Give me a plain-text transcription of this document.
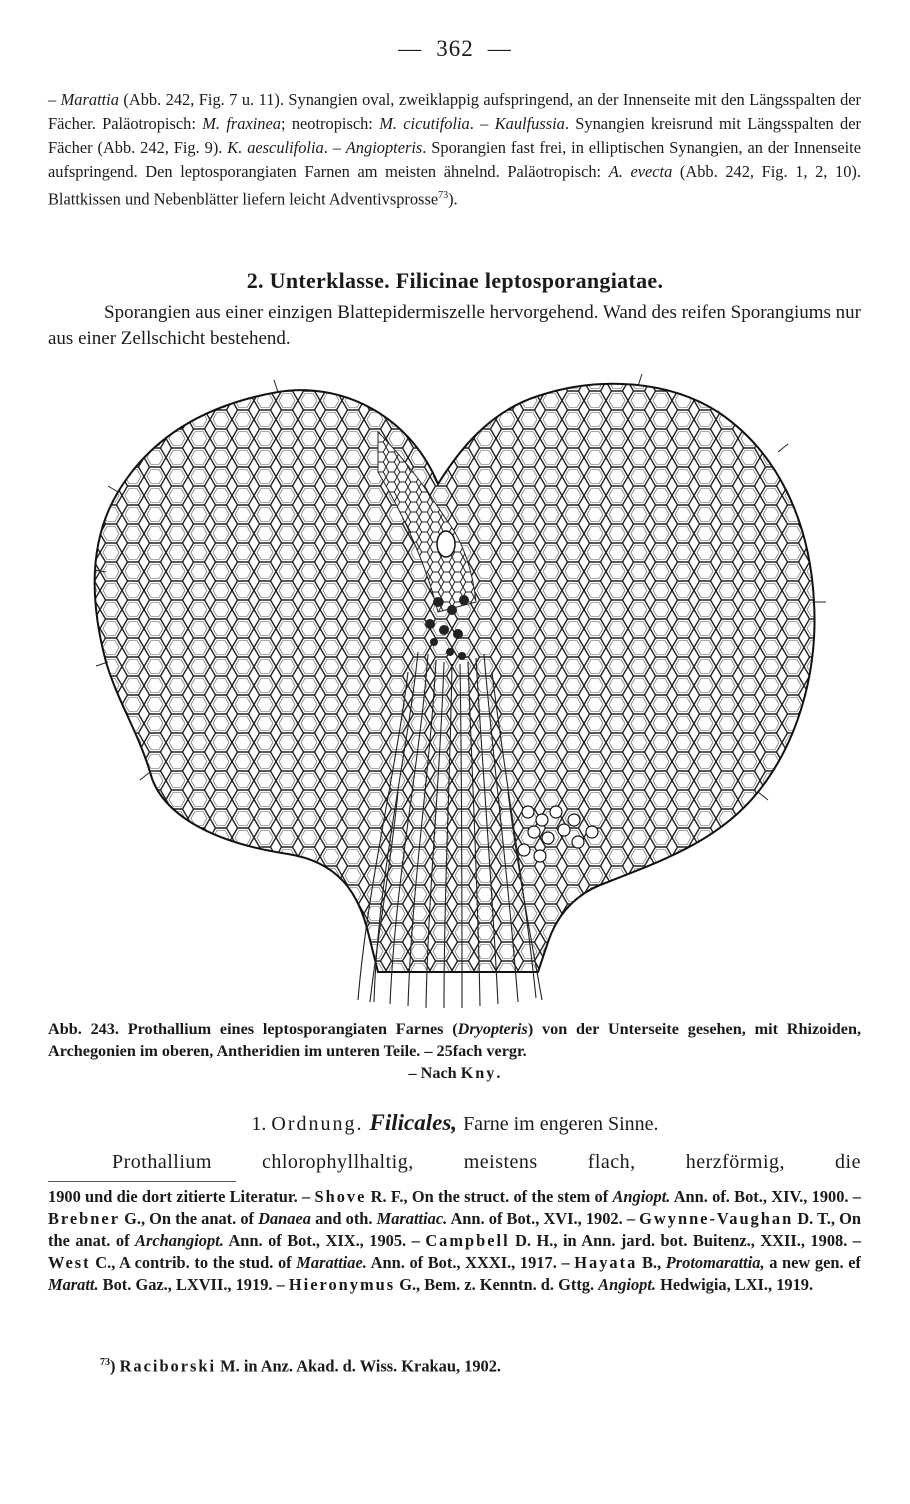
— 362 —
– Marattia (Abb. 242, Fig. 7 u. 11). Synangien oval, zweiklappig aufspringend, an der Innenseite mit den Längsspalten der Fächer. Paläotropisch: M. fraxinea; neotropisch: M. cicutifolia. – Kaulfussia. Synangien kreisrund mit Längsspalten der Fächer (Abb. 242, Fig. 9). K. aesculifolia. – Angiopteris. Sporangien fast frei, in elliptischen Synangien, an der Innenseite aufspringend. Den leptosporangiaten Farnen am meisten ähnelnd. Paläotropisch: A. evecta (Abb. 242, Fig. 1, 2, 10). Blattkissen und Nebenblätter liefern leicht Adventivsprosse$^{73}$).
2. Unterklasse. Filicinae leptosporangiatae.
Sporangien aus einer einzigen Blattepidermiszelle hervorgehend. Wand des reifen Sporangiums nur aus einer Zellschicht bestehend.
Abb. 243. Prothallium eines leptosporangiaten Farnes (Dryopteris) von der Unterseite gesehen, mit Rhizoiden, Archegonien im oberen, Antheridien im unteren Teile. – 25fach vergr.
– Nach Kny.
1. Ordnung. Filicales, Farne im engeren Sinne.
Prothallium chlorophyllhaltig, meistens flach, herzförmig, die
1900 und die dort zitierte Literatur. – Shove R. F., On the struct. of the stem of Angiopt. Ann. of. Bot., XIV., 1900. – Brebner G., On the anat. of Danaea and oth. Marattiac. Ann. of Bot., XVI., 1902. – Gwynne-Vaughan D. T., On the anat. of Archangiopt. Ann. of Bot., XIX., 1905. – Campbell D. H., in Ann. jard. bot. Buitenz., XXII., 1908. – West C., A contrib. to the stud. of Marattiae. Ann. of Bot., XXXI., 1917. – Hayata B., Protomarattia, a new gen. ef Maratt. Bot. Gaz., LXVII., 1919. – Hieronymus G., Bem. z. Kenntn. d. Gttg. Angiopt. Hedwigia, LXI., 1919.
$^{73}$) Raciborski M. in Anz. Akad. d. Wiss. Krakau, 1902.
